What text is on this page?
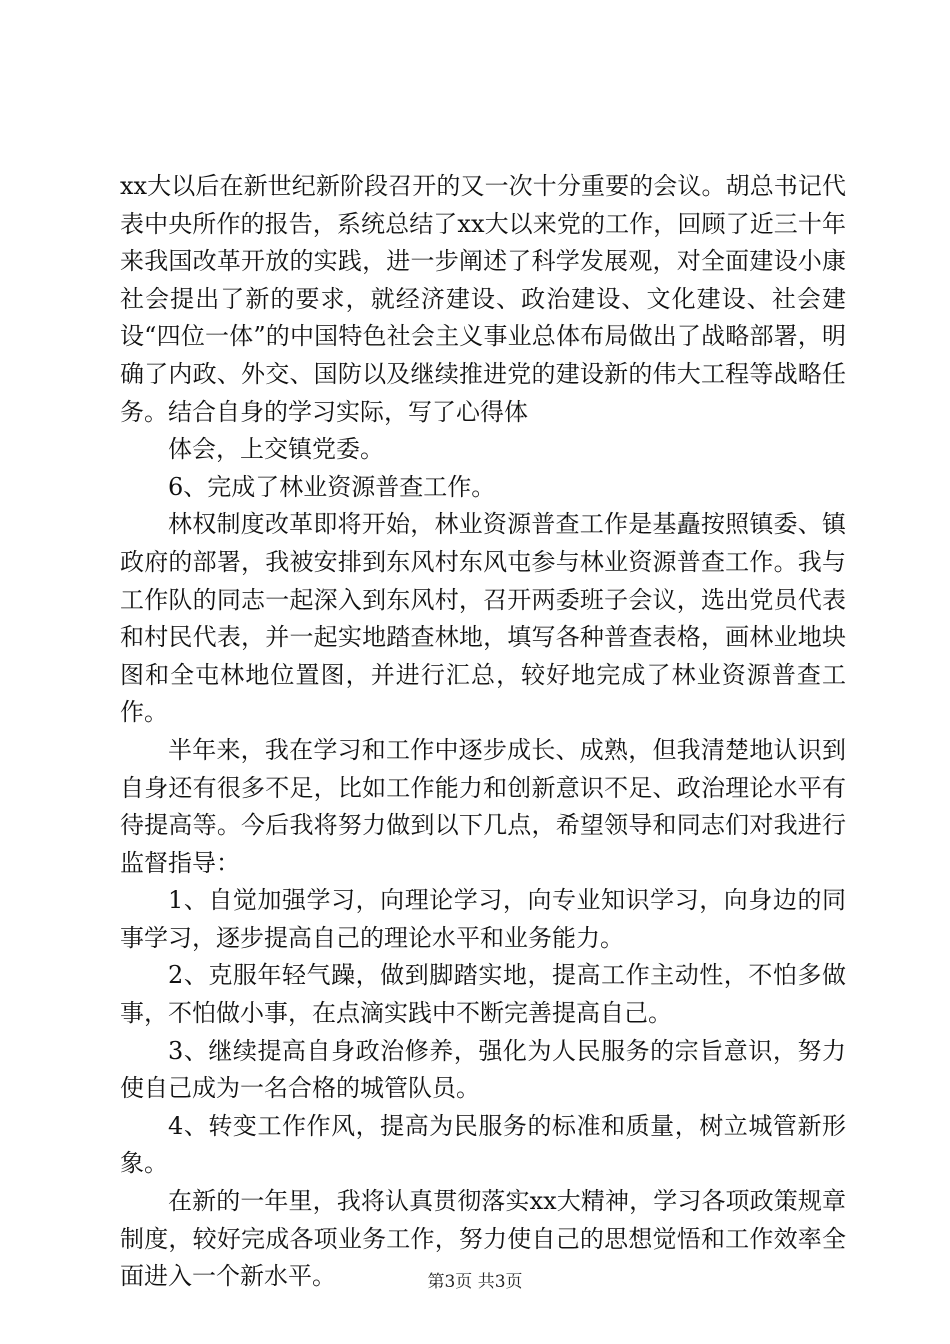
xx大以后在新世纪新阶段召开的又一次十分重要的会议。胡总书记代表中央所作的报告，系统总结了xx大以来党的工作，回顾了近三十年来我国改革开放的实践，进一步阐述了科学发展观，对全面建设小康社会提出了新的要求，就经济建设、政治建设、文化建设、社会建设“四位一体”的中国特色社会主义事业总体布局做出了战略部署，明确了内政、外交、国防以及继续推进党的建设新的伟大工程等战略任务。结合自身的学习实际，写了心得体

体会，上交镇党委。

6、完成了林业资源普查工作。

林权制度改革即将开始，林业资源普查工作是基矗按照镇委、镇政府的部署，我被安排到东风村东风屯参与林业资源普查工作。我与工作队的同志一起深入到东风村，召开两委班子会议，选出党员代表和村民代表，并一起实地踏查林地，填写各种普查表格，画林业地块图和全屯林地位置图，并进行汇总，较好地完成了林业资源普查工作。

半年来，我在学习和工作中逐步成长、成熟，但我清楚地认识到自身还有很多不足，比如工作能力和创新意识不足、政治理论水平有待提高等。今后我将努力做到以下几点，希望领导和同志们对我进行监督指导：

1、自觉加强学习，向理论学习，向专业知识学习，向身边的同事学习，逐步提高自己的理论水平和业务能力。

2、克服年轻气躁，做到脚踏实地，提高工作主动性，不怕多做事，不怕做小事，在点滴实践中不断完善提高自己。

3、继续提高自身政治修养，强化为人民服务的宗旨意识，努力使自己成为一名合格的城管队员。

4、转变工作作风，提高为民服务的标准和质量，树立城管新形象。

在新的一年里，我将认真贯彻落实xx大精神，学习各项政策规章制度，较好完成各项业务工作，努力使自己的思想觉悟和工作效率全面进入一个新水平。	第3页 共3页
